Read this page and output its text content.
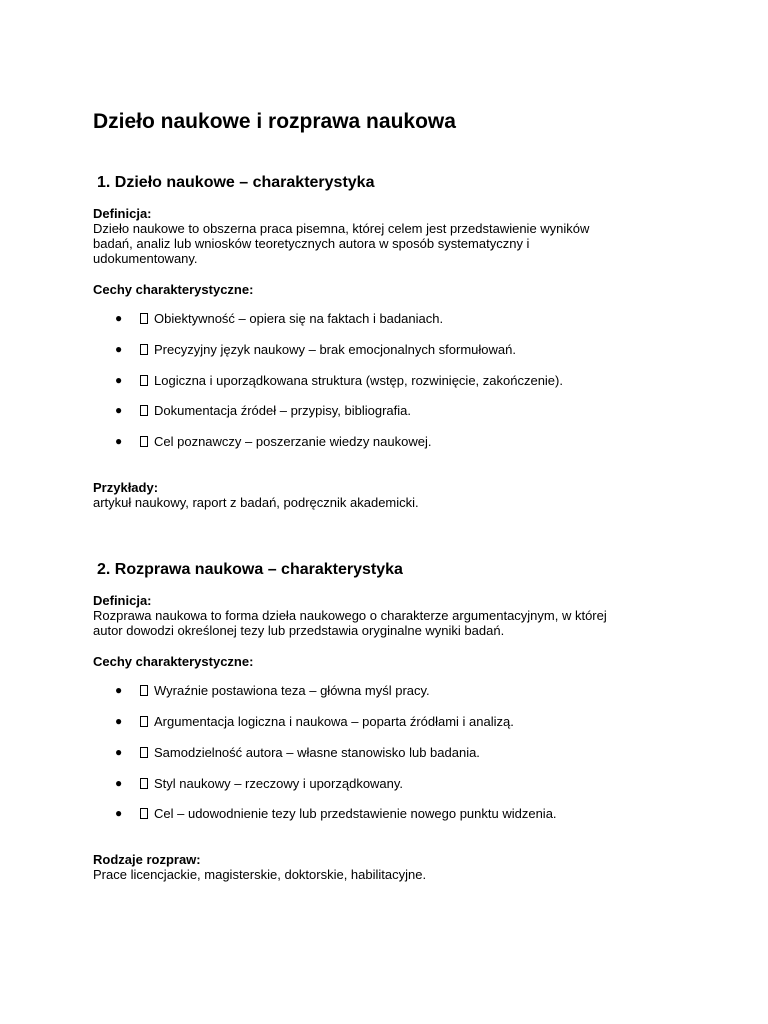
Dzieło naukowe i rozprawa naukowa
1. Dzieło naukowe – charakterystyka

Definicja:

Dzieło naukowe to obszerna praca pisemna, której celem jest przedstawienie wyników
badań, analiz lub wniosków teoretycznych autora w sposób systematyczny i
udokumentowany.

Cechy charakterystyczne:

●	Obiektywność – opiera się na faktach i badaniach.
●	Precyzyjny język naukowy – brak emocjonalnych sformułowań.
●	Logiczna i uporządkowana struktura (wstęp, rozwinięcie, zakończenie).
●	Dokumentacja źródeł – przypisy, bibliografia.
●	Cel poznawczy – poszerzanie wiedzy naukowej.

Przykłady:

artykuł naukowy, raport z badań, podręcznik akademicki.
2. Rozprawa naukowa – charakterystyka

Definicja:

Rozprawa naukowa to forma dzieła naukowego o charakterze argumentacyjnym, w której
autor dowodzi określonej tezy lub przedstawia oryginalne wyniki badań.

Cechy charakterystyczne:

●	Wyraźnie postawiona teza – główna myśl pracy.
●	Argumentacja logiczna i naukowa – poparta źródłami i analizą.
●	Samodzielność autora – własne stanowisko lub badania.
●	Styl naukowy – rzeczowy i uporządkowany.
●	Cel – udowodnienie tezy lub przedstawienie nowego punktu widzenia.

Rodzaje rozpraw:

Prace licencjackie, magisterskie, doktorskie, habilitacyjne.
